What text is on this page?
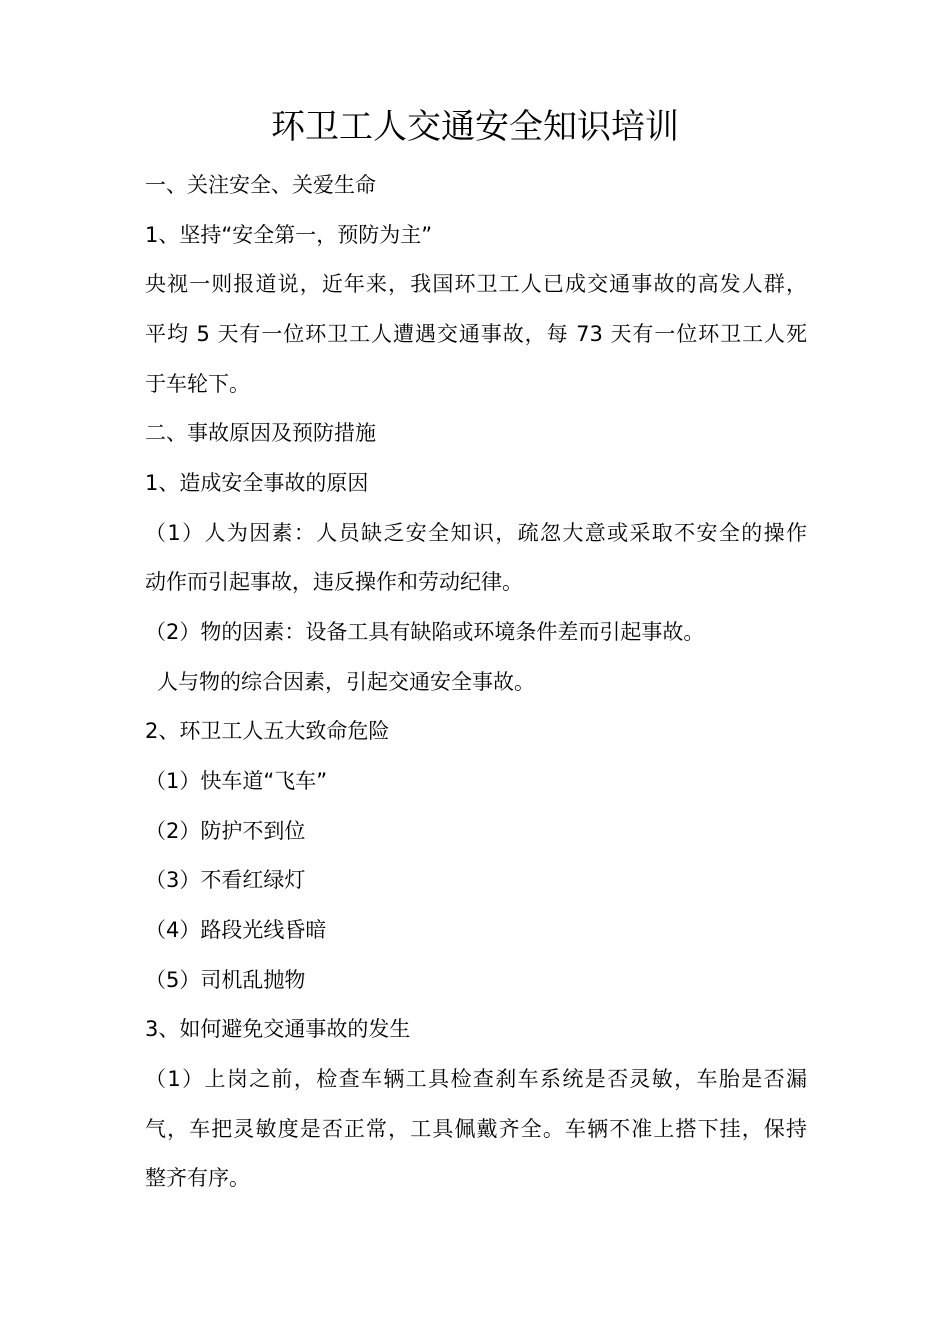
环卫工人交通安全知识培训
一、关注安全、关爱生命
1、坚持“安全第一，预防为主”
央视一则报道说，近年来，我国环卫工人已成交通事故的高发人群，
平均 5 天有一位环卫工人遭遇交通事故，每 73 天有一位环卫工人死
于车轮下。
二、事故原因及预防措施
1、造成安全事故的原因
（1）人为因素：人员缺乏安全知识，疏忽大意或采取不安全的操作
动作而引起事故，违反操作和劳动纪律。
（2）物的因素：设备工具有缺陷或环境条件差而引起事故。
人与物的综合因素，引起交通安全事故。
2、环卫工人五大致命危险
（1）快车道“飞车”
（2）防护不到位
（3）不看红绿灯
（4）路段光线昏暗
（5）司机乱抛物
3、如何避免交通事故的发生
（1）上岗之前，检查车辆工具检查刹车系统是否灵敏，车胎是否漏
气，车把灵敏度是否正常，工具佩戴齐全。车辆不准上搭下挂，保持
整齐有序。
